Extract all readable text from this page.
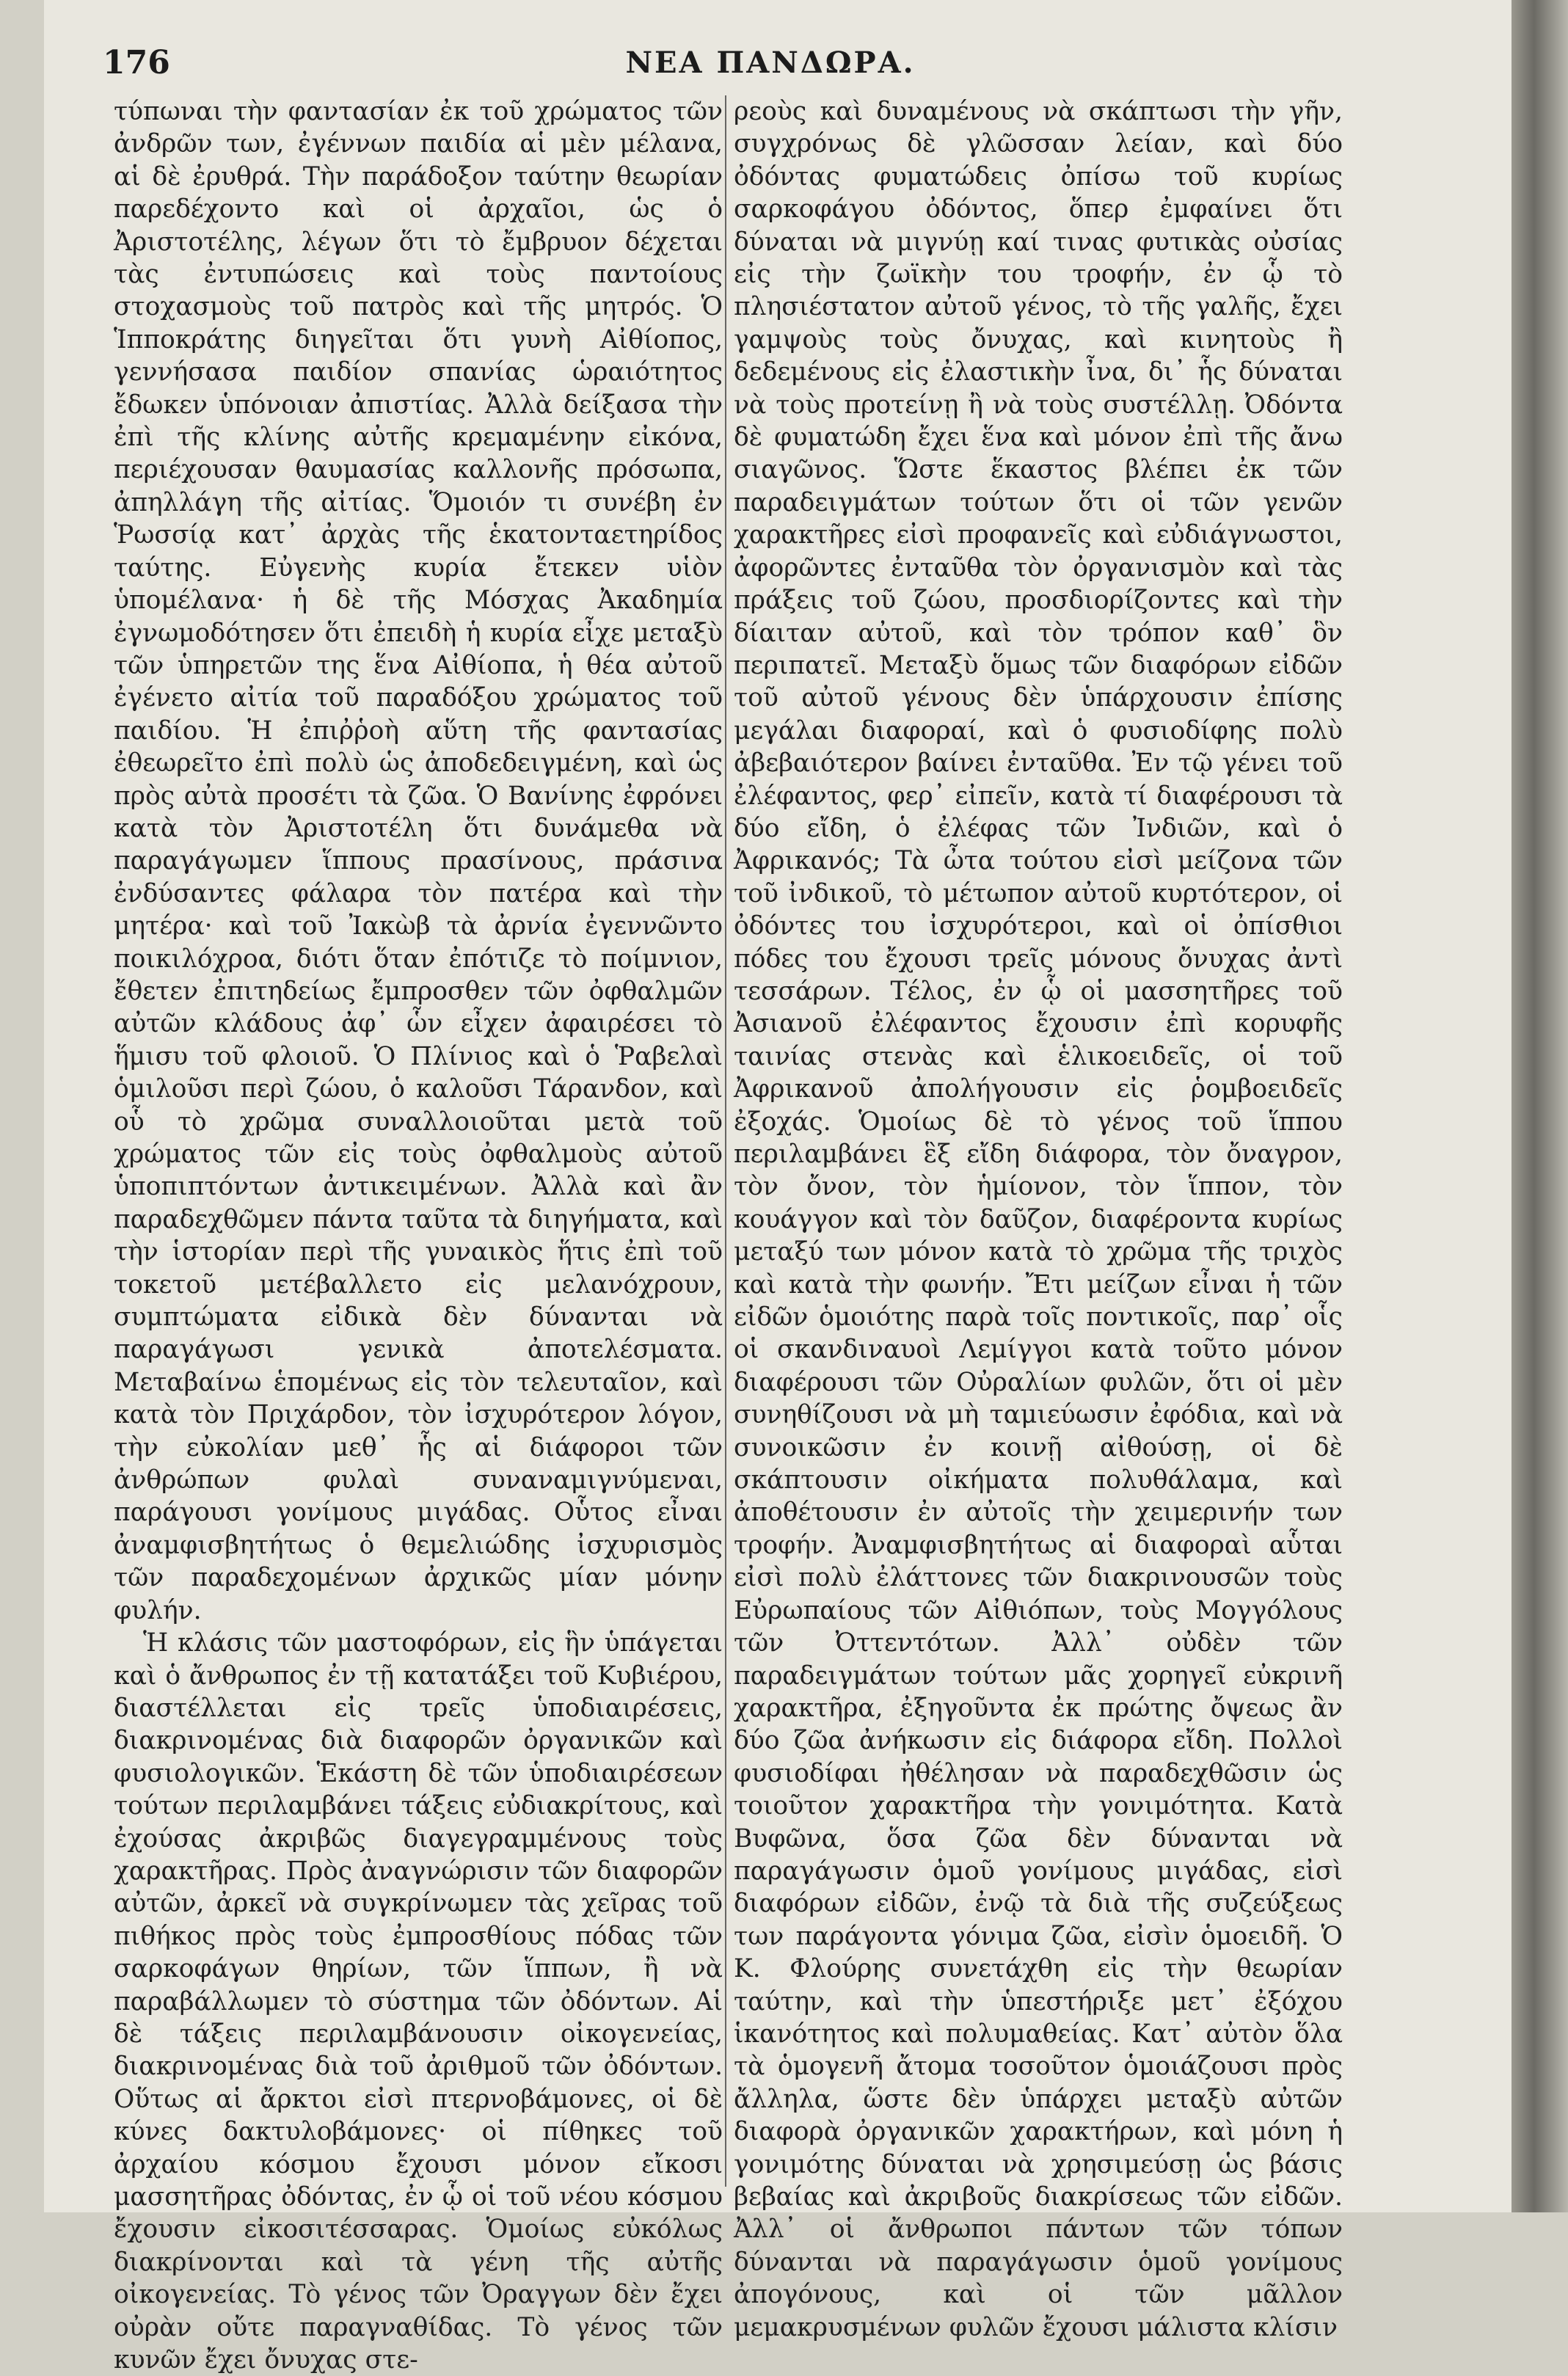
176	ΝΕΑ ΠΑΝΔΩΡΑ.

τύπωναι τὴν φαντασίαν ἐκ τοῦ χρώματος τῶν ἀνδρῶν των, ἐγέννων παιδία αἱ μὲν μέλανα, αἱ δὲ ἐρυθρά. Τὴν παράδοξον ταύτην θεωρίαν παρεδέχοντο καὶ οἱ ἀρχαῖοι, ὡς ὁ Ἀριστοτέλης, λέγων ὅτι τὸ ἔμβρυον δέχεται τὰς ἐντυπώσεις καὶ τοὺς παντοίους στοχασμοὺς τοῦ πατρὸς καὶ τῆς μητρός. Ὁ Ἱπποκράτης διηγεῖται ὅτι γυνὴ Αἰθίοπος, γεννήσασα παιδίον σπανίας ὡραιότητος ἔδωκεν ὑπόνοιαν ἀπιστίας. Ἀλλὰ δείξασα τὴν ἐπὶ τῆς κλίνης αὐτῆς κρεμαμένην εἰκόνα, περιέχουσαν θαυμασίας καλλονῆς πρόσωπα, ἀπηλλάγη τῆς αἰτίας. Ὅμοιόν τι συνέβη ἐν Ῥωσσίᾳ κατ᾽ ἀρχὰς τῆς ἑκατονταετηρίδος ταύτης. Εὐγενὴς κυρία ἔτεκεν υἱὸν ὑπομέλανα· ἡ δὲ τῆς Μόσχας Ἀκαδημία ἐγνωμοδότησεν ὅτι ἐπειδὴ ἡ κυρία εἶχε μεταξὺ τῶν ὑπηρετῶν της ἕνα Αἰθίοπα, ἡ θέα αὐτοῦ ἐγένετο αἰτία τοῦ παραδόξου χρώματος τοῦ παιδίου. Ἡ ἐπιῤῥοὴ αὕτη τῆς φαντασίας ἐθεωρεῖτο ἐπὶ πολὺ ὡς ἀποδεδειγμένη, καὶ ὡς πρὸς αὐτὰ προσέτι τὰ ζῶα. Ὁ Βανίνης ἐφρόνει κατὰ τὸν Ἀριστοτέλη ὅτι δυνάμεθα νὰ παραγάγωμεν ἵππους πρασίνους, πράσινα ἐνδύσαντες φάλαρα τὸν πατέρα καὶ τὴν μητέρα· καὶ τοῦ Ἰακὼβ τὰ ἀρνία ἐγεννῶντο ποικιλόχροα, διότι ὅταν ἐπότιζε τὸ ποίμνιον, ἔθετεν ἐπιτηδείως ἔμπροσθεν τῶν ὀφθαλμῶν αὐτῶν κλάδους ἀφ᾽ ὧν εἶχεν ἀφαιρέσει τὸ ἥμισυ τοῦ φλοιοῦ. Ὁ Πλίνιος καὶ ὁ Ῥαβελαὶ ὁμιλοῦσι περὶ ζώου, ὁ καλοῦσι Τάρανδον, καὶ οὗ τὸ χρῶμα συναλλοιοῦται μετὰ τοῦ χρώματος τῶν εἰς τοὺς ὀφθαλμοὺς αὐτοῦ ὑποπιπτόντων ἀντικειμένων. Ἀλλὰ καὶ ἂν παραδεχθῶμεν πάντα ταῦτα τὰ διηγήματα, καὶ τὴν ἱστορίαν περὶ τῆς γυναικὸς ἥτις ἐπὶ τοῦ τοκετοῦ μετέβαλλετο εἰς μελανόχρουν, συμπτώματα εἰδικὰ δὲν δύνανται νὰ παραγάγωσι γενικὰ ἀποτελέσματα. Μεταβαίνω ἑπομένως εἰς τὸν τελευταῖον, καὶ κατὰ τὸν Πριχάρδον, τὸν ἰσχυρότερον λόγον, τὴν εὐκολίαν μεθ᾽ ἧς αἱ διάφοροι τῶν ἀνθρώπων φυλαὶ συναναμιγνύμεναι, παράγουσι γονίμους μιγάδας. Οὗτος εἶναι ἀναμφισβητήτως ὁ θεμελιώδης ἰσχυρισμὸς τῶν παραδεχομένων ἀρχικῶς μίαν μόνην φυλήν.

Ἡ κλάσις τῶν μαστοφόρων, εἰς ἣν ὑπάγεται καὶ ὁ ἄνθρωπος ἐν τῇ κατατάξει τοῦ Κυβιέρου, διαστέλλεται εἰς τρεῖς ὑποδιαιρέσεις, διακρινομένας διὰ διαφορῶν ὀργανικῶν καὶ φυσιολογικῶν. Ἑκάστη δὲ τῶν ὑποδιαιρέσεων τούτων περιλαμβάνει τάξεις εὐδιακρίτους, καὶ ἐχούσας ἀκριβῶς διαγεγραμμένους τοὺς χαρακτῆρας. Πρὸς ἀναγνώρισιν τῶν διαφορῶν αὐτῶν, ἀρκεῖ νὰ συγκρίνωμεν τὰς χεῖρας τοῦ πιθήκος πρὸς τοὺς ἐμπροσθίους πόδας τῶν σαρκοφάγων θηρίων, τῶν ἵππων, ἢ νὰ παραβάλλωμεν τὸ σύστημα τῶν ὀδόντων. Αἱ δὲ τάξεις περιλαμβάνουσιν οἰκογενείας, διακρινομένας διὰ τοῦ ἀριθμοῦ τῶν ὀδόντων. Οὕτως αἱ ἄρκτοι εἰσὶ πτερνοβάμονες, οἱ δὲ κύνες δακτυλοβάμονες· οἱ πίθηκες τοῦ ἀρχαίου κόσμου ἔχουσι μόνον εἴκοσι μασσητῆρας ὀδόντας, ἐν ᾧ οἱ τοῦ νέου κόσμου ἔχουσιν εἰκοσιτέσσαρας. Ὁμοίως εὐκόλως διακρίνονται καὶ τὰ γένη τῆς αὐτῆς οἰκογενείας. Τὸ γένος τῶν Ὀραγγων δὲν ἔχει οὐρὰν οὔτε παραγναθίδας. Τὸ γένος τῶν κυνῶν ἔχει ὄνυχας στε-

ρεοὺς καὶ δυναμένους νὰ σκάπτωσι τὴν γῆν, συγχρόνως δὲ γλῶσσαν λείαν, καὶ δύο ὀδόντας φυματώδεις ὀπίσω τοῦ κυρίως σαρκοφάγου ὀδόντος, ὅπερ ἐμφαίνει ὅτι δύναται νὰ μιγνύῃ καί τινας φυτικὰς οὐσίας εἰς τὴν ζωϊκὴν του τροφήν, ἐν ᾧ τὸ πλησιέστατον αὐτοῦ γένος, τὸ τῆς γαλῆς, ἔχει γαμψοὺς τοὺς ὄνυχας, καὶ κινητοὺς ἢ δεδεμένους εἰς ἐλαστικὴν ἶνα, δι᾽ ἧς δύναται νὰ τοὺς προτείνῃ ἢ νὰ τοὺς συστέλλῃ. Ὀδόντα δὲ φυματώδη ἔχει ἕνα καὶ μόνον ἐπὶ τῆς ἄνω σιαγῶνος. Ὥστε ἕκαστος βλέπει ἐκ τῶν παραδειγμάτων τούτων ὅτι οἱ τῶν γενῶν χαρακτῆρες εἰσὶ προφανεῖς καὶ εὐδιάγνωστοι, ἀφορῶντες ἐνταῦθα τὸν ὀργανισμὸν καὶ τὰς πράξεις τοῦ ζώου, προσδιορίζοντες καὶ τὴν δίαιταν αὐτοῦ, καὶ τὸν τρόπον καθ᾽ ὃν περιπατεῖ. Μεταξὺ ὅμως τῶν διαφόρων εἰδῶν τοῦ αὐτοῦ γένους δὲν ὑπάρχουσιν ἐπίσης μεγάλαι διαφοραί, καὶ ὁ φυσιοδίφης πολὺ ἀβεβαιότερον βαίνει ἐνταῦθα. Ἐν τῷ γένει τοῦ ἐλέφαντος, φερ᾽ εἰπεῖν, κατὰ τί διαφέρουσι τὰ δύο εἴδη, ὁ ἐλέφας τῶν Ἰνδιῶν, καὶ ὁ Ἀφρικανός; Τὰ ὦτα τούτου εἰσὶ μείζονα τῶν τοῦ ἰνδικοῦ, τὸ μέτωπον αὐτοῦ κυρτότερον, οἱ ὀδόντες του ἰσχυρότεροι, καὶ οἱ ὀπίσθιοι πόδες του ἔχουσι τρεῖς μόνους ὄνυχας ἀντὶ τεσσάρων. Τέλος, ἐν ᾧ οἱ μασσητῆρες τοῦ Ἀσιανοῦ ἐλέφαντος ἔχουσιν ἐπὶ κορυφῆς ταινίας στενὰς καὶ ἑλικοειδεῖς, οἱ τοῦ Ἀφρικανοῦ ἀπολήγουσιν εἰς ῥομβοειδεῖς ἐξοχάς. Ὁμοίως δὲ τὸ γένος τοῦ ἵππου περιλαμβάνει ἓξ εἴδη διάφορα, τὸν ὄναγρον, τὸν ὄνον, τὸν ἡμίονον, τὸν ἵππον, τὸν κουάγγον καὶ τὸν δαῦζον, διαφέροντα κυρίως μεταξύ των μόνον κατὰ τὸ χρῶμα τῆς τριχὸς καὶ κατὰ τὴν φωνήν. Ἔτι μείζων εἶναι ἡ τῶν εἰδῶν ὁμοιότης παρὰ τοῖς ποντικοῖς, παρ᾽ οἷς οἱ σκανδιναυοὶ Λεμίγγοι κατὰ τοῦτο μόνον διαφέρουσι τῶν Οὐραλίων φυλῶν, ὅτι οἱ μὲν συνηθίζουσι νὰ μὴ ταμιεύωσιν ἐφόδια, καὶ νὰ συνοικῶσιν ἐν κοινῇ αἰθούσῃ, οἱ δὲ σκάπτουσιν οἰκήματα πολυθάλαμα, καὶ ἀποθέτουσιν ἐν αὐτοῖς τὴν χειμερινήν των τροφήν. Ἀναμφισβητήτως αἱ διαφοραὶ αὗται εἰσὶ πολὺ ἐλάττονες τῶν διακρινουσῶν τοὺς Εὐρωπαίους τῶν Αἰθιόπων, τοὺς Μογγόλους τῶν Ὀττεντότων. Ἀλλ᾽ οὐδὲν τῶν παραδειγμάτων τούτων μᾶς χορηγεῖ εὐκρινῆ χαρακτῆρα, ἐξηγοῦντα ἐκ πρώτης ὄψεως ἂν δύο ζῶα ἀνήκωσιν εἰς διάφορα εἴδη. Πολλοὶ φυσιοδίφαι ἠθέλησαν νὰ παραδεχθῶσιν ὡς τοιοῦτον χαρακτῆρα τὴν γονιμότητα. Κατὰ Βυφῶνα, ὅσα ζῶα δὲν δύνανται νὰ παραγάγωσιν ὁμοῦ γονίμους μιγάδας, εἰσὶ διαφόρων εἰδῶν, ἐνῷ τὰ διὰ τῆς συζεύξεως των παράγοντα γόνιμα ζῶα, εἰσὶν ὁμοειδῆ. Ὁ Κ. Φλούρης συνετάχθη εἰς τὴν θεωρίαν ταύτην, καὶ τὴν ὑπεστήριξε μετ᾽ ἐξόχου ἱκανότητος καὶ πολυμαθείας. Κατ᾽ αὐτὸν ὅλα τὰ ὁμογενῆ ἄτομα τοσοῦτον ὁμοιάζουσι πρὸς ἄλληλα, ὥστε δὲν ὑπάρχει μεταξὺ αὐτῶν διαφορὰ ὀργανικῶν χαρακτήρων, καὶ μόνη ἡ γονιμότης δύναται νὰ χρησιμεύσῃ ὡς βάσις βεβαίας καὶ ἀκριβοῦς διακρίσεως τῶν εἰδῶν. Ἀλλ᾽ οἱ ἄνθρωποι πάντων τῶν τόπων δύνανται νὰ παραγάγωσιν ὁμοῦ γονίμους ἀπογόνους, καὶ οἱ τῶν μᾶλλον μεμακρυσμένων φυλῶν ἔχουσι μάλιστα κλίσιν
